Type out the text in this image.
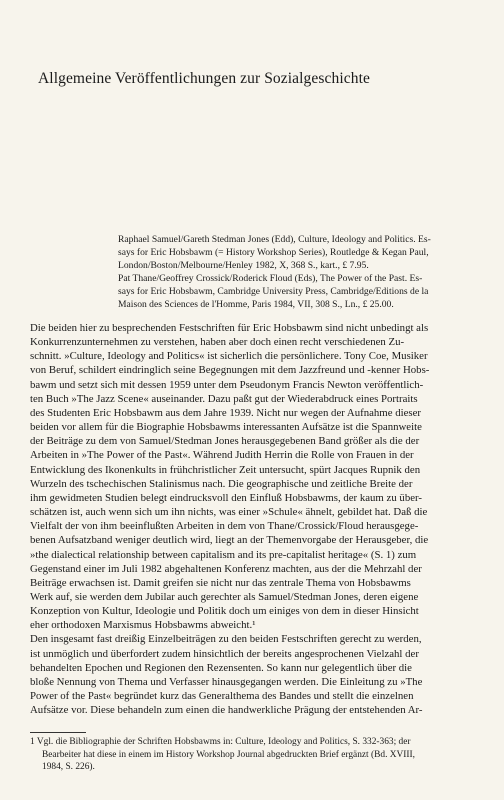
Allgemeine Veröffentlichungen zur Sozialgeschichte
Raphael Samuel/Gareth Stedman Jones (Edd), Culture, Ideology and Politics. Es-
says for Eric Hobsbawm (= History Workshop Series), Routledge & Kegan Paul,
London/Boston/Melbourne/Henley 1982, X, 368 S., kart., £ 7.95.
Pat Thane/Geoffrey Crossick/Roderick Floud (Eds), The Power of the Past. Es-
says for Eric Hobsbawm, Cambridge University Press, Cambridge/Editions de la
Maison des Sciences de l'Homme, Paris 1984, VII, 308 S., Ln., £ 25.00.
Die beiden hier zu besprechenden Festschriften für Eric Hobsbawm sind nicht unbedingt als
Konkurrenzunternehmen zu verstehen, haben aber doch einen recht verschiedenen Zu-
schnitt. »Culture, Ideology and Politics« ist sicherlich die persönlichere. Tony Coe, Musiker
von Beruf, schildert eindringlich seine Begegnungen mit dem Jazzfreund und -kenner Hobs-
bawm und setzt sich mit dessen 1959 unter dem Pseudonym Francis Newton veröffentlich-
ten Buch »The Jazz Scene« auseinander. Dazu paßt gut der Wiederabdruck eines Portraits
des Studenten Eric Hobsbawm aus dem Jahre 1939. Nicht nur wegen der Aufnahme dieser
beiden vor allem für die Biographie Hobsbawms interessanten Aufsätze ist die Spannweite
der Beiträge zu dem von Samuel/Stedman Jones herausgegebenen Band größer als die der
Arbeiten in »The Power of the Past«. Während Judith Herrin die Rolle von Frauen in der
Entwicklung des Ikonenkults in frühchristlicher Zeit untersucht, spürt Jacques Rupnik den
Wurzeln des tschechischen Stalinismus nach. Die geographische und zeitliche Breite der
ihm gewidmeten Studien belegt eindrucksvoll den Einfluß Hobsbawms, der kaum zu über-
schätzen ist, auch wenn sich um ihn nichts, was einer »Schule« ähnelt, gebildet hat. Daß die
Vielfalt der von ihm beeinflußten Arbeiten in dem von Thane/Crossick/Floud herausgege-
benen Aufsatzband weniger deutlich wird, liegt an der Themenvorgabe der Herausgeber, die
»the dialectical relationship between capitalism and its pre-capitalist heritage« (S. 1) zum
Gegenstand einer im Juli 1982 abgehaltenen Konferenz machten, aus der die Mehrzahl der
Beiträge erwachsen ist. Damit greifen sie nicht nur das zentrale Thema von Hobsbawms
Werk auf, sie werden dem Jubilar auch gerechter als Samuel/Stedman Jones, deren eigene
Konzeption von Kultur, Ideologie und Politik doch um einiges von dem in dieser Hinsicht
eher orthodoxen Marxismus Hobsbawms abweicht.¹
Den insgesamt fast dreißig Einzelbeiträgen zu den beiden Festschriften gerecht zu werden,
ist unmöglich und überfordert zudem hinsichtlich der bereits angesprochenen Vielzahl der
behandelten Epochen und Regionen den Rezensenten. So kann nur gelegentlich über die
bloße Nennung von Thema und Verfasser hinausgegangen werden. Die Einleitung zu »The
Power of the Past« begründet kurz das Generalthema des Bandes und stellt die einzelnen
Aufsätze vor. Diese behandeln zum einen die handwerkliche Prägung der entstehenden Ar-
1 Vgl. die Bibliographie der Schriften Hobsbawms in: Culture, Ideology and Politics, S. 332-363; der
Bearbeiter hat diese in einem im History Workshop Journal abgedruckten Brief ergänzt (Bd. XVIII,
1984, S. 226).
